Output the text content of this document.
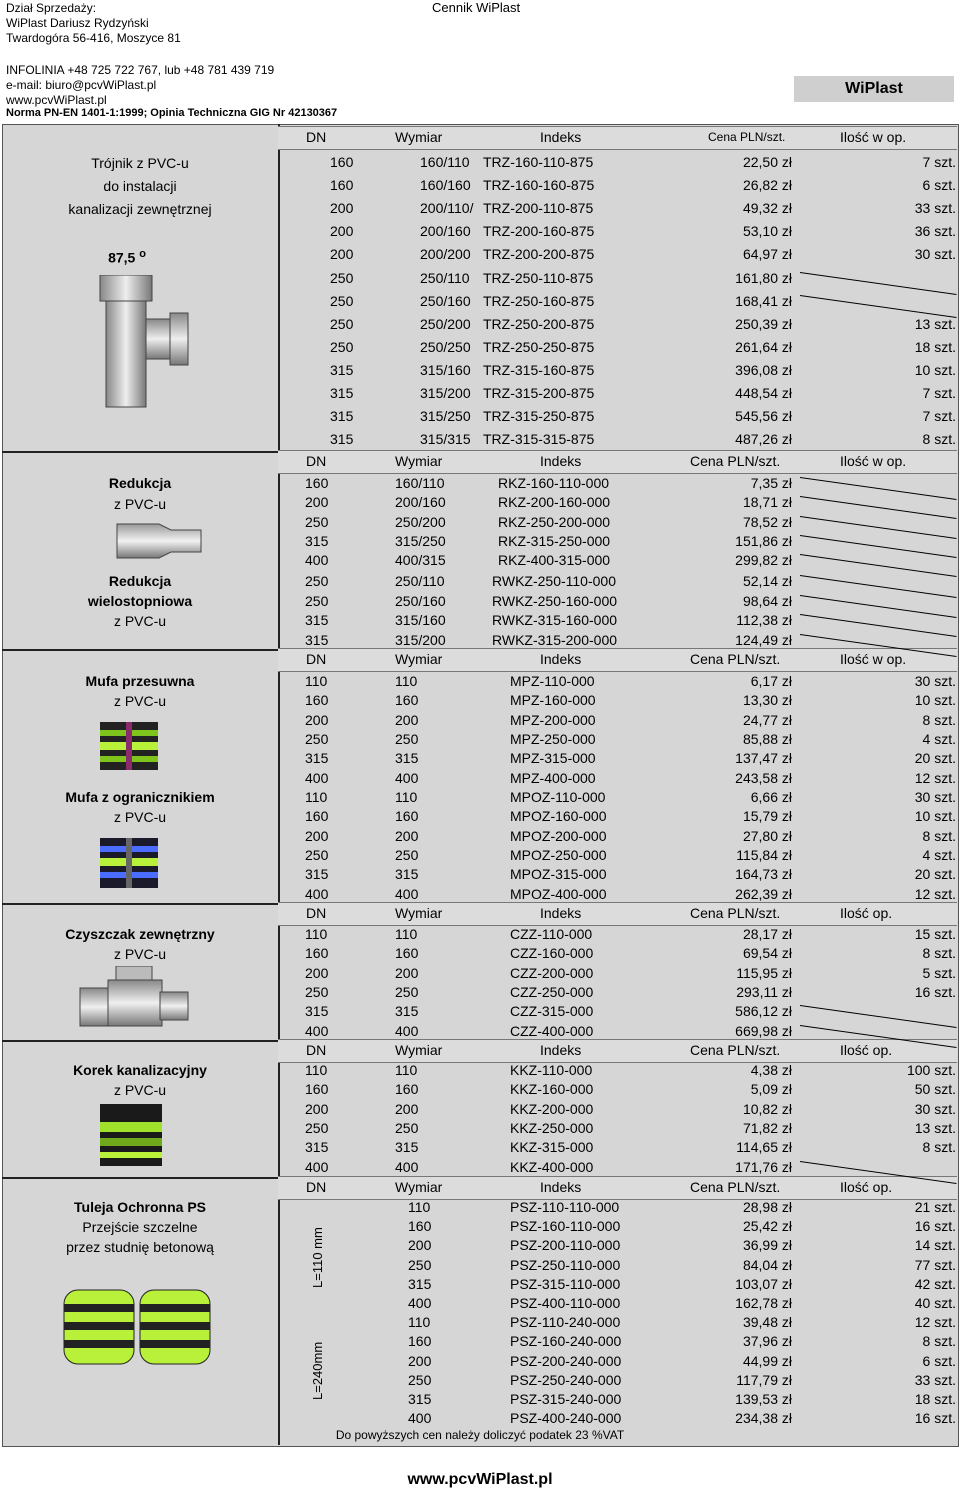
Dział Sprzedaży:
WiPlast Dariusz Rydzyński
Twardogóra 56-416, Moszyce 81
INFOLINIA +48 725 722 767, lub +48 781 439 719
e-mail: biuro@pcvWiPlast.pl
www.pcvWiPlast.pl
Norma PN-EN 1401-1:1999; Opinia Techniczna GIG Nr 42130367
Cennik WiPlast
WiPlast
DN	Wymiar	Indeks	Cena PLN/szt.	Ilość w op.
DN	Wymiar	Indeks	Cena PLN/szt.	Ilość w op.
DN	Wymiar	Indeks	Cena PLN/szt.	Ilość w op.
DN	Wymiar	Indeks	Cena PLN/szt.	Ilość op.
DN	Wymiar	Indeks	Cena PLN/szt.	Ilość op.
DN	Wymiar	Indeks	Cena PLN/szt.	Ilość op.
160	160/110 TRZ-160-110-875	22,50 zł	7 szt.
160	160/160 TRZ-160-160-875	26,82 zł	6 szt.
200	200/110/ TRZ-200-110-875	49,32 zł	33 szt.
200	200/160 TRZ-200-160-875	53,10 zł	36 szt.
200	200/200 TRZ-200-200-875	64,97 zł	30 szt.
250	250/110 TRZ-250-110-875	161,80 zł
250	250/160 TRZ-250-160-875	168,41 zł
250	250/200 TRZ-250-200-875	250,39 zł	13 szt.
250	250/250 TRZ-250-250-875	261,64 zł	18 szt.
315	315/160 TRZ-315-160-875	396,08 zł	10 szt.
315	315/200 TRZ-315-200-875	448,54 zł	7 szt.
315	315/250 TRZ-315-250-875	545,56 zł	7 szt.
315	315/315 TRZ-315-315-875	487,26 zł	8 szt.
160	160/110	RKZ-160-110-000	7,35 zł
200	200/160	RKZ-200-160-000	18,71 zł
250	250/200	RKZ-250-200-000	78,52 zł
315	315/250	RKZ-315-250-000	151,86 zł
400	400/315	RKZ-400-315-000	299,82 zł
250	250/110	RWKZ-250-110-000	52,14 zł
250	250/160	RWKZ-250-160-000	98,64 zł
315	315/160	RWKZ-315-160-000	112,38 zł
315	315/200	RWKZ-315-200-000	124,49 zł
110	110	MPZ-110-000	6,17 zł	30 szt.
160	160	MPZ-160-000	13,30 zł	10 szt.
200	200	MPZ-200-000	24,77 zł	8 szt.
250	250	MPZ-250-000	85,88 zł	4 szt.
315	315	MPZ-315-000	137,47 zł	20 szt.
400	400	MPZ-400-000	243,58 zł	12 szt.
110	110	MPOZ-110-000	6,66 zł	30 szt.
160	160	MPOZ-160-000	15,79 zł	10 szt.
200	200	MPOZ-200-000	27,80 zł	8 szt.
250	250	MPOZ-250-000	115,84 zł	4 szt.
315	315	MPOZ-315-000	164,73 zł	20 szt.
400	400	MPOZ-400-000	262,39 zł	12 szt.
110	110	CZZ-110-000	28,17 zł	15 szt.
160	160	CZZ-160-000	69,54 zł	8 szt.
200	200	CZZ-200-000	115,95 zł	5 szt.
250	250	CZZ-250-000	293,11 zł	16 szt.
315	315	CZZ-315-000	586,12 zł
400	400	CZZ-400-000	669,98 zł
110	110	KKZ-110-000	4,38 zł	100 szt.
160	160	KKZ-160-000	5,09 zł	50 szt.
200	200	KKZ-200-000	10,82 zł	30 szt.
250	250	KKZ-250-000	71,82 zł	13 szt.
315	315	KKZ-315-000	114,65 zł	8 szt.
400	400	KKZ-400-000	171,76 zł
110	PSZ-110-110-000	28,98 zł	21 szt.
160	PSZ-160-110-000	25,42 zł	16 szt.
200	PSZ-200-110-000	36,99 zł	14 szt.
250	PSZ-250-110-000	84,04 zł	77 szt.
315	PSZ-315-110-000	103,07 zł	42 szt.
400	PSZ-400-110-000	162,78 zł	40 szt.
110	PSZ-110-240-000	39,48 zł	12 szt.
160	PSZ-160-240-000	37,96 zł	8 szt.
200	PSZ-200-240-000	44,99 zł	6 szt.
250	PSZ-250-240-000	117,79 zł	33 szt.
315	PSZ-315-240-000	139,53 zł	18 szt.
400	PSZ-400-240-000	234,38 zł	16 szt.
Trójnik z PVC-u
do instalacji
kanalizacji zewnętrznej
87,5 $^o$
Redukcja
z PVC-u
Redukcja
wielostopniowa
z PVC-u
Mufa przesuwna
z PVC-u
Mufa z ogranicznikiem
z PVC-u
Czyszczak zewnętrzny
z PVC-u
Korek kanalizacyjny
z PVC-u
Tuleja Ochronna PS
Przejście szczelne
przez studnię betonową	L=110 mm
L=240mm
Do powyższych cen należy doliczyć podatek 23 %VAT
www.pcvWiPlast.pl
